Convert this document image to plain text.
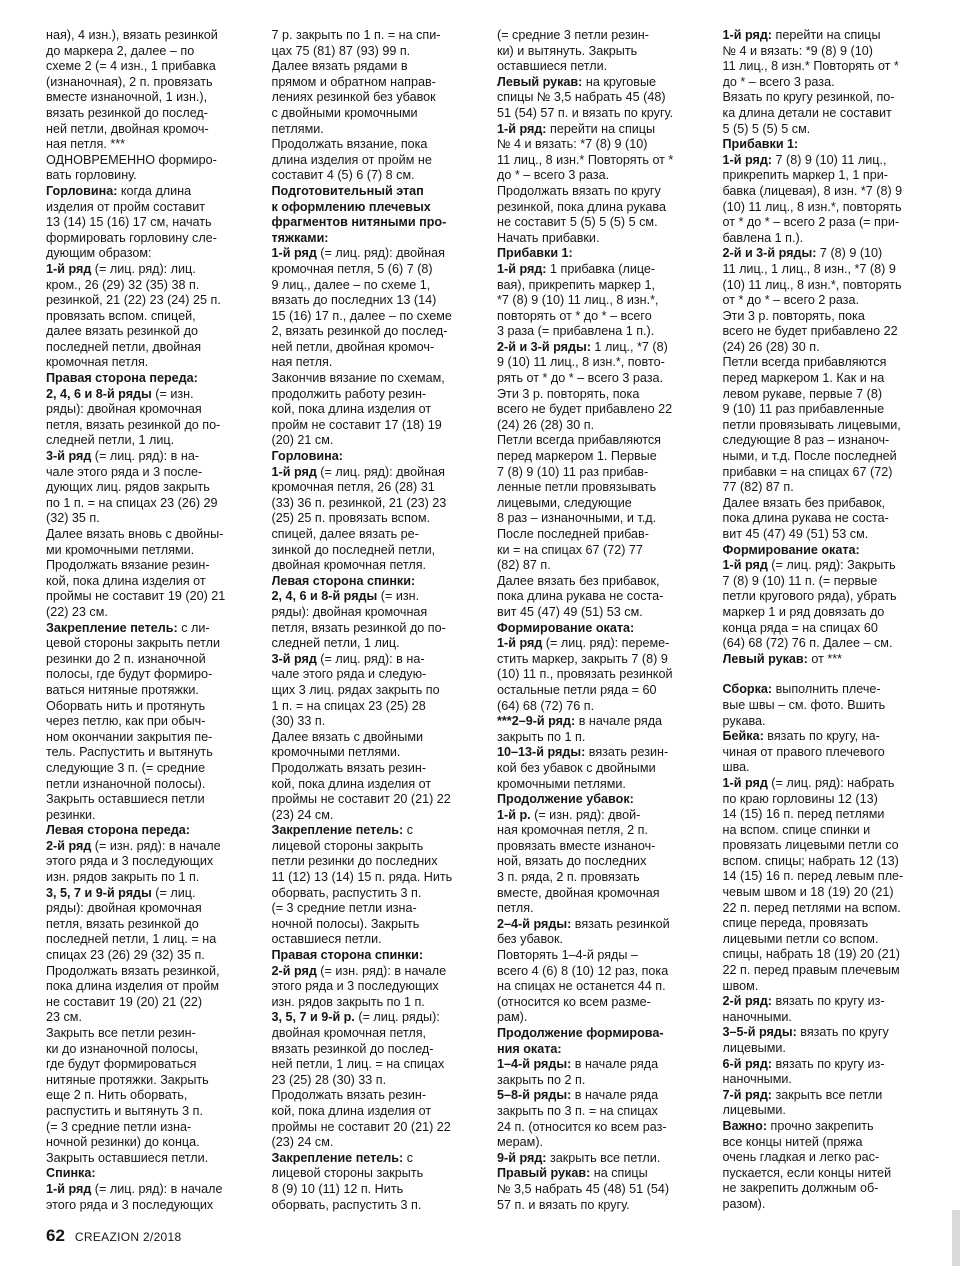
ная), 4 изн.), вязать резинкой
до маркера 2, далее – по
схеме 2 (= 4 изн., 1 прибавка
(изнаночная), 2 п. провязать
вместе изнаночной, 1 изн.),
вязать резинкой до послед-
ней петли, двойная кромоч-
ная петля. ***
ОДНОВРЕМЕННО формиро-
вать горловину.

Горловина: когда длина
изделия от пройм составит
13 (14) 15 (16) 17 см, начать
формировать горловину сле-
дующим образом:

1-й ряд (= лиц. ряд): лиц.
кром., 26 (29) 32 (35) 38 п.
резинкой, 21 (22) 23 (24) 25 п.
провязать вспом. спицей,
далее вязать резинкой до
последней петли, двойная
кромочная петля.

Правая сторона переда:
2, 4, 6 и 8-й ряды (= изн.
ряды): двойная кромочная
петля, вязать резинкой до по-
следней петли, 1 лиц.

3-й ряд (= лиц. ряд): в на-
чале этого ряда и 3 после-
дующих лиц. рядов закрыть
по 1 п. = на спицах 23 (26) 29
(32) 35 п.

Далее вязать вновь с двойны-
ми кромочными петлями.
Продолжать вязание резин-
кой, пока длина изделия от
проймы не составит 19 (20) 21
(22) 23 см.

Закрепление петель: с ли-
цевой стороны закрыть петли
резинки до 2 п. изнаночной
полосы, где будут формиро-
ваться нитяные протяжки.
Оборвать нить и протянуть
через петлю, как при обыч-
ном окончании закрытия пе-
тель. Распустить и вытянуть
следующие 3 п. (= средние
петли изнаночной полосы).
Закрыть оставшиеся петли
резинки.

Левая сторона переда:
2-й ряд (= изн. ряд): в начале
этого ряда и 3 последующих
изн. рядов закрыть по 1 п.

3, 5, 7 и 9-й ряды (= лиц.
ряды): двойная кромочная
петля, вязать резинкой до
последней петли, 1 лиц. = на
спицах 23 (26) 29 (32) 35 п.
Продолжать вязать резинкой,
пока длина изделия от пройм
не составит 19 (20) 21 (22)
23 см.
Закрыть все петли резин-
ки до изнаночной полосы,
где будут формироваться
нитяные протяжки. Закрыть
еще 2 п. Нить оборвать,
распустить и вытянуть 3 п.
(= 3 средние петли изна-
ночной резинки) до конца.
Закрыть оставшиеся петли.

Спинка:
1-й ряд (= лиц. ряд): в начале
этого ряда и 3 последующих

7 р. закрыть по 1 п. = на спи-
цах 75 (81) 87 (93) 99 п.
Далее вязать рядами в
прямом и обратном направ-
лениях резинкой без убавок
с двойными кромочными
петлями.
Продолжать вязание, пока
длина изделия от пройм не
составит 4 (5) 6 (7) 8 см.

Подготовительный этап
к оформлению плечевых
фрагментов нитяными про-
тяжками:

1-й ряд (= лиц. ряд): двойная
кромочная петля, 5 (6) 7 (8)
9 лиц., далее – по схеме 1,
вязать до последних 13 (14)
15 (16) 17 п., далее – по схеме
2, вязать резинкой до послед-
ней петли, двойная кромоч-
ная петля.
Закончив вязание по схемам,
продолжить работу резин-
кой, пока длина изделия от
пройм не составит 17 (18) 19
(20) 21 см.

Горловина:
1-й ряд (= лиц. ряд): двойная
кромочная петля, 26 (28) 31
(33) 36 п. резинкой, 21 (23) 23
(25) 25 п. провязать вспом.
спицей, далее вязать ре-
зинкой до последней петли,
двойная кромочная петля.

Левая сторона спинки:
2, 4, 6 и 8-й ряды (= изн.
ряды): двойная кромочная
петля, вязать резинкой до по-
следней петли, 1 лиц.

3-й ряд (= лиц. ряд): в на-
чале этого ряда и следую-
щих 3 лиц. рядах закрыть по
1 п. = на спицах 23 (25) 28
(30) 33 п.
Далее вязать с двойными
кромочными петлями.
Продолжать вязать резин-
кой, пока длина изделия от
проймы не составит 20 (21) 22
(23) 24 см.

Закрепление петель: с
лицевой стороны закрыть
петли резинки до последних
11 (12) 13 (14) 15 п. ряда. Нить
оборвать, распустить 3 п.
(= 3 средние петли изна-
ночной полосы). Закрыть
оставшиеся петли.

Правая сторона спинки:
2-й ряд (= изн. ряд): в начале
этого ряда и 3 последующих
изн. рядов закрыть по 1 п.

3, 5, 7 и 9-й р. (= лиц. ряды):
двойная кромочная петля,
вязать резинкой до послед-
ней петли, 1 лиц. = на спицах
23 (25) 28 (30) 33 п.
Продолжать вязать резин-
кой, пока длина изделия от
проймы не составит 20 (21) 22
(23) 24 см.

Закрепление петель: с
лицевой стороны закрыть
8 (9) 10 (11) 12 п. Нить
оборвать, распустить 3 п.

(= средние 3 петли резин-
ки) и вытянуть. Закрыть
оставшиеся петли.

Левый рукав: на круговые
спицы № 3,5 набрать 45 (48)
51 (54) 57 п. и вязать по кругу.

1-й ряд: перейти на спицы
№ 4 и вязать: *7 (8) 9 (10)
11 лиц., 8 изн.* Повторять от *
до * – всего 3 раза.
Продолжать вязать по кругу
резинкой, пока длина рукава
не составит 5 (5) 5 (5) 5 см.
Начать прибавки.

Прибавки 1:
1-й ряд: 1 прибавка (лице-
вая), прикрепить маркер 1,
*7 (8) 9 (10) 11 лиц., 8 изн.*,
повторять от * до * – всего
3 раза (= прибавлена 1 п.).

2-й и 3-й ряды: 1 лиц., *7 (8)
9 (10) 11 лиц., 8 изн.*, повто-
рять от * до * – всего 3 раза.
Эти 3 р. повторять, пока
всего не будет прибавлено 22
(24) 26 (28) 30 п.
Петли всегда прибавляются
перед маркером 1. Первые
7 (8) 9 (10) 11 раз прибав-
ленные петли провязывать
лицевыми, следующие
8 раз – изнаночными, и т.д.
После последней прибав-
ки = на спицах 67 (72) 77
(82) 87 п.
Далее вязать без прибавок,
пока длина рукава не соста-
вит 45 (47) 49 (51) 53 см.

Формирование оката:
1-й ряд (= лиц. ряд): переме-
стить маркер, закрыть 7 (8) 9
(10) 11 п., провязать резинкой
остальные петли ряда = 60
(64) 68 (72) 76 п.

***2–9-й ряд: в начале ряда
закрыть по 1 п.

10–13-й ряды: вязать резин-
кой без убавок с двойными
кромочными петлями.

Продолжение убавок:
1-й р. (= изн. ряд): двой-
ная кромочная петля, 2 п.
провязать вместе изнаноч-
ной, вязать до последних
3 п. ряда, 2 п. провязать
вместе, двойная кромочная
петля.

2–4-й ряды: вязать резинкой
без убавок.
Повторять 1–4-й ряды –
всего 4 (6) 8 (10) 12 раз, пока
на спицах не останется 44 п.
(относится ко всем разме-
рам).

Продолжение формирова-
ния оката:
1–4-й ряды: в начале ряда
закрыть по 2 п.

5–8-й ряды: в начале ряда
закрыть по 3 п. = на спицах
24 п. (относится ко всем раз-
мерам).

9-й ряд: закрыть все петли.

Правый рукав: на спицы
№ 3,5 набрать 45 (48) 51 (54)
57 п. и вязать по кругу.

1-й ряд: перейти на спицы
№ 4 и вязать: *9 (8) 9 (10)
11 лиц., 8 изн.* Повторять от *
до * – всего 3 раза.
Вязать по кругу резинкой, по-
ка длина детали не составит
5 (5) 5 (5) 5 см.

Прибавки 1:
1-й ряд: 7 (8) 9 (10) 11 лиц.,
прикрепить маркер 1, 1 при-
бавка (лицевая), 8 изн. *7 (8) 9
(10) 11 лиц., 8 изн.*, повторять
от * до * – всего 2 раза (= при-
бавлена 1 п.).

2-й и 3-й ряды: 7 (8) 9 (10)
11 лиц., 1 лиц., 8 изн., *7 (8) 9
(10) 11 лиц., 8 изн.*, повторять
от * до * – всего 2 раза.
Эти 3 р. повторять, пока
всего не будет прибавлено 22
(24) 26 (28) 30 п.
Петли всегда прибавляются
перед маркером 1. Как и на
левом рукаве, первые 7 (8)
9 (10) 11 раз прибавленные
петли провязывать лицевыми,
следующие 8 раз – изнаноч-
ными, и т.д. После последней
прибавки = на спицах 67 (72)
77 (82) 87 п.
Далее вязать без прибавок,
пока длина рукава не соста-
вит 45 (47) 49 (51) 53 см.

Формирование оката:
1-й ряд (= лиц. ряд): Закрыть
7 (8) 9 (10) 11 п. (= первые
петли кругового ряда), убрать
маркер 1 и ряд довязать до
конца ряда = на спицах 60
(64) 68 (72) 76 п. Далее – см.

Левый рукав: от ***

Сборка: выполнить плече-
вые швы – см. фото. Вшить
рукава.

Бейка: вязать по кругу, на-
чиная от правого плечевого
шва.

1-й ряд (= лиц. ряд): набрать
по краю горловины 12 (13)
14 (15) 16 п. перед петлями
на вспом. спице спинки и
провязать лицевыми петли со
вспом. спицы; набрать 12 (13)
14 (15) 16 п. перед левым пле-
чевым швом и 18 (19) 20 (21)
22 п. перед петлями на вспом.
спице переда, провязать
лицевыми петли со вспом.
спицы, набрать 18 (19) 20 (21)
22 п. перед правым плечевым
швом.

2-й ряд: вязать по кругу из-
наночными.

3–5-й ряды: вязать по кругу
лицевыми.

6-й ряд: вязать по кругу из-
наночными.

7-й ряд: закрыть все петли
лицевыми.

Важно: прочно закрепить
все концы нитей (пряжа
очень гладкая и легко рас-
пускается, если концы нитей
не закрепить должным об-
разом).

62 CREAZION 2/2018
